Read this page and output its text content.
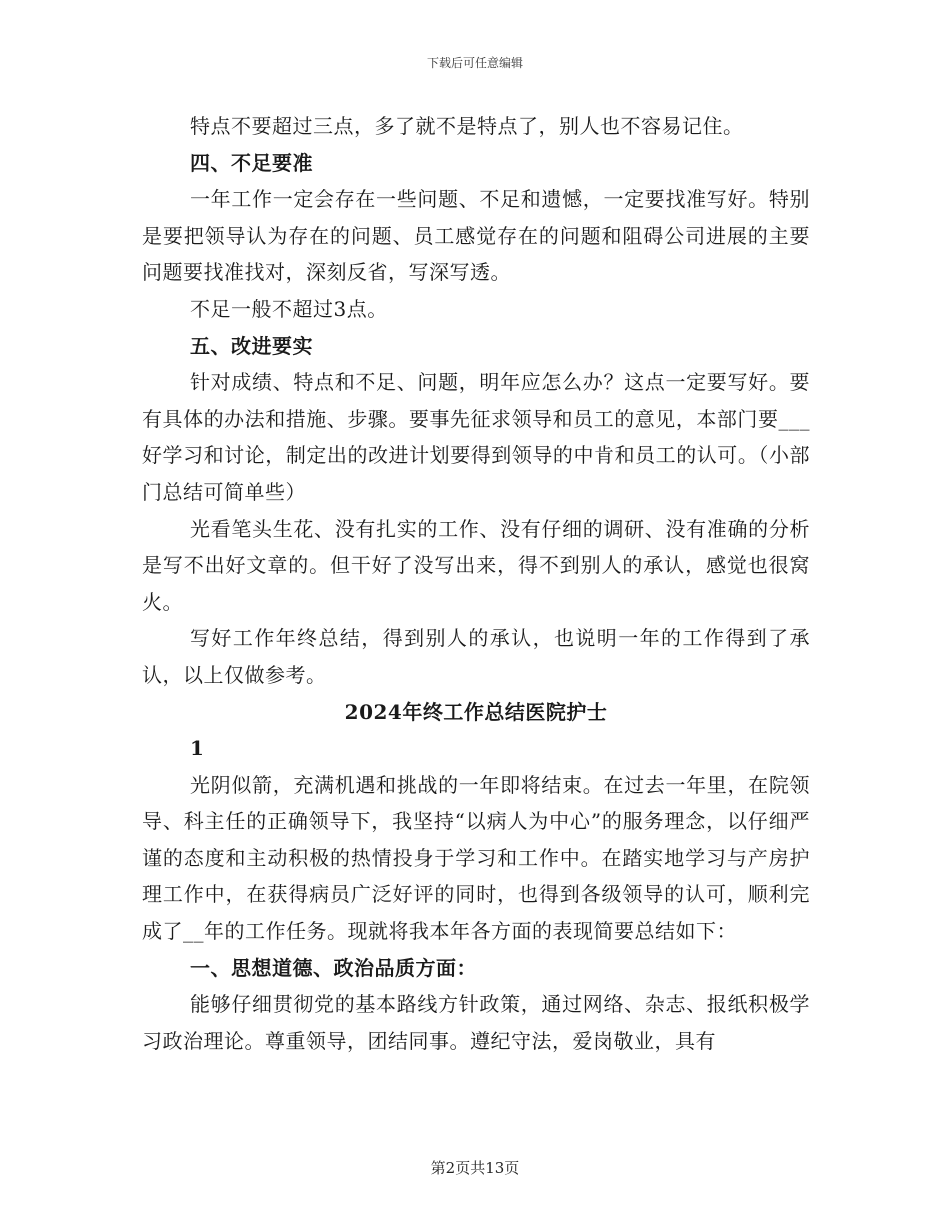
下载后可任意编辑

特点不要超过三点，多了就不是特点了，别人也不容易记住。

四、不足要准

一年工作一定会存在一些问题、不足和遗憾，一定要找准写好。特别是要把领导认为存在的问题、员工感觉存在的问题和阻碍公司进展的主要问题要找准找对，深刻反省，写深写透。

不足一般不超过3点。

五、改进要实

针对成绩、特点和不足、问题，明年应怎么办？这点一定要写好。要有具体的办法和措施、步骤。要事先征求领导和员工的意见，本部门要___好学习和讨论，制定出的改进计划要得到领导的中肯和员工的认可。（小部门总结可简单些）

光看笔头生花、没有扎实的工作、没有仔细的调研、没有准确的分析是写不出好文章的。但干好了没写出来，得不到别人的承认，感觉也很窝火。

写好工作年终总结，得到别人的承认，也说明一年的工作得到了承认，以上仅做参考。

2024年终工作总结医院护士

1

光阴似箭，充满机遇和挑战的一年即将结束。在过去一年里，在院领导、科主任的正确领导下，我坚持“以病人为中心”的服务理念，以仔细严谨的态度和主动积极的热情投身于学习和工作中。在踏实地学习与产房护理工作中，在获得病员广泛好评的同时，也得到各级领导的认可，顺利完成了__年的工作任务。现就将我本年各方面的表现简要总结如下：

一、思想道德、政治品质方面：

能够仔细贯彻党的基本路线方针政策，通过网络、杂志、报纸积极学习政治理论。尊重领导，团结同事。遵纪守法，爱岗敬业，具有

第2页共13页
